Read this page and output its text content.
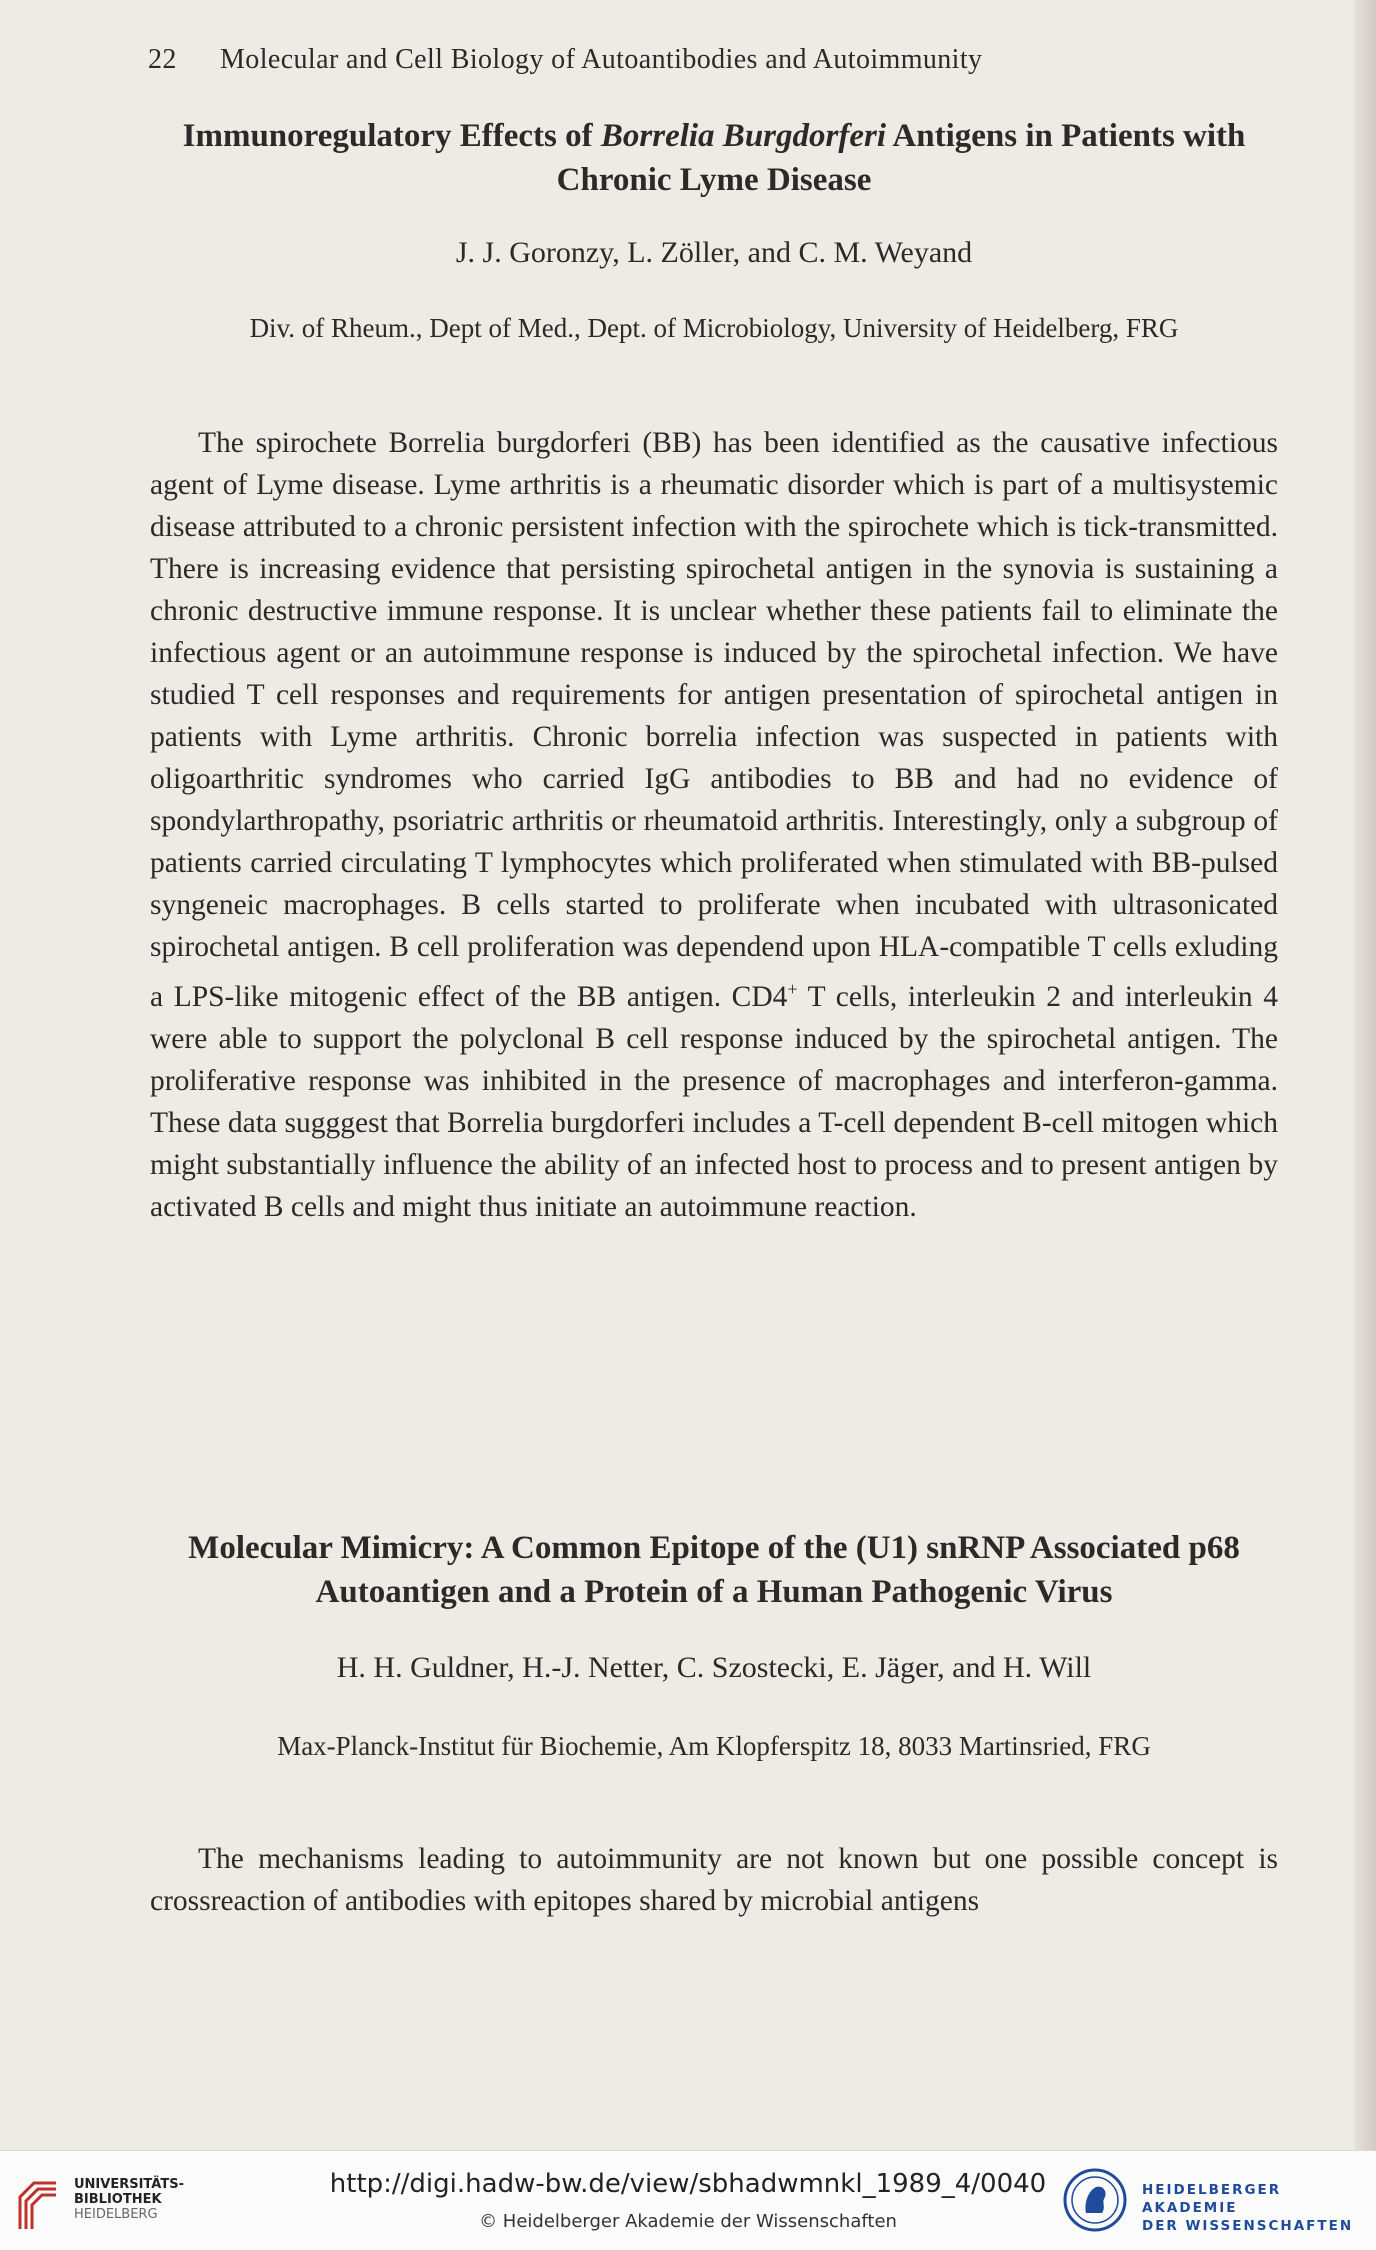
22 Molecular and Cell Biology of Autoantibodies and Autoimmunity
Immunoregulatory Effects of Borrelia Burgdorferi Antigens in Patients with Chronic Lyme Disease
J. J. Goronzy, L. Zöller, and C. M. Weyand
Div. of Rheum., Dept of Med., Dept. of Microbiology, University of Heidelberg, FRG
The spirochete Borrelia burgdorferi (BB) has been identified as the causative infectious agent of Lyme disease. Lyme arthritis is a rheumatic disorder which is part of a multisystemic disease attributed to a chronic persistent infection with the spirochete which is tick-transmitted. There is increasing evidence that persisting spirochetal antigen in the synovia is sustaining a chronic destructive immune response. It is unclear whether these patients fail to eliminate the infectious agent or an autoimmune response is induced by the spirochetal infection. We have studied T cell responses and requirements for antigen presentation of spirochetal antigen in patients with Lyme arthritis. Chronic borrelia infection was suspected in patients with oligoarthritic syndromes who carried IgG antibodies to BB and had no evidence of spondylarthropathy, psoriatric arthritis or rheumatoid arthritis. Interestingly, only a subgroup of patients carried circulating T lymphocytes which proliferated when stimulated with BB-pulsed syngeneic macrophages. B cells started to proliferate when incubated with ultrasonicated spirochetal antigen. B cell proliferation was dependend upon HLA-compatible T cells exluding a LPS-like mitogenic effect of the BB antigen. CD4+ T cells, interleukin 2 and interleukin 4 were able to support the polyclonal B cell response induced by the spirochetal antigen. The proliferative response was inhibited in the presence of macrophages and interferon-gamma. These data sugggest that Borrelia burgdorferi includes a T-cell dependent B-cell mitogen which might substantially influence the ability of an infected host to process and to present antigen by activated B cells and might thus initiate an autoimmune reaction.
Molecular Mimicry: A Common Epitope of the (U1) snRNP Associated p68 Autoantigen and a Protein of a Human Pathogenic Virus
H. H. Guldner, H.-J. Netter, C. Szostecki, E. Jäger, and H. Will
Max-Planck-Institut für Biochemie, Am Klopferspitz 18, 8033 Martinsried, FRG
The mechanisms leading to autoimmunity are not known but one possible concept is crossreaction of antibodies with epitopes shared by microbial antigens
UNIVERSITÄTS-
BIBLIOTHEK
HEIDELBERG
http://digi.hadw-bw.de/view/sbhadwmnkl_1989_4/0040
© Heidelberger Akademie der Wissenschaften
HEIDELBERGER AKADEMIE
DER WISSENSCHAFTEN
